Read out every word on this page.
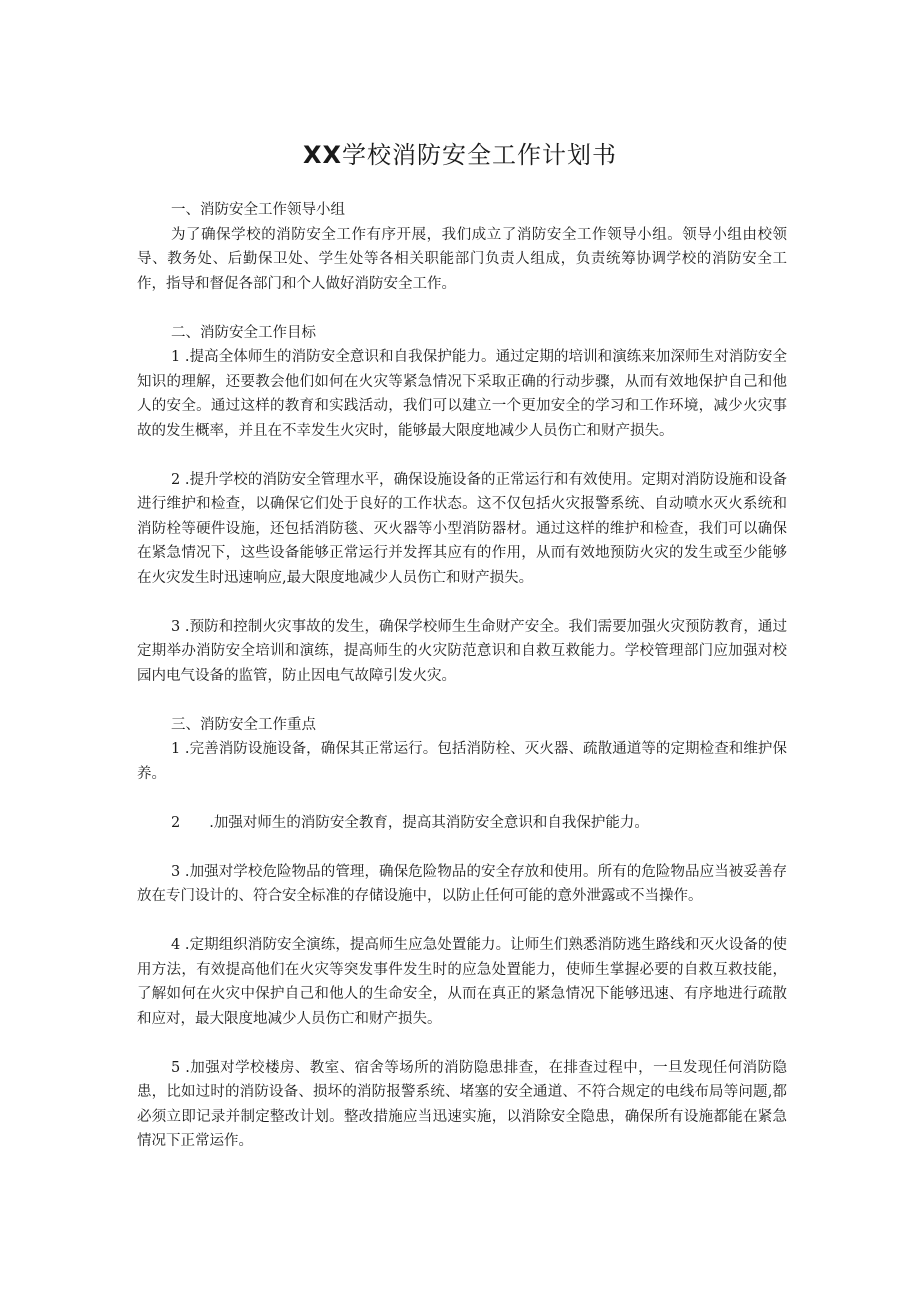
XX学校消防安全工作计划书

一、消防安全工作领导小组

为了确保学校的消防安全工作有序开展，我们成立了消防安全工作领导小组。领导小组由校领导、教务处、后勤保卫处、学生处等各相关职能部门负责人组成，负责统筹协调学校的消防安全工作，指导和督促各部门和个人做好消防安全工作。

二、消防安全工作目标

1 .提高全体师生的消防安全意识和自我保护能力。通过定期的培训和演练来加深师生对消防安全知识的理解，还要教会他们如何在火灾等紧急情况下采取正确的行动步骤，从而有效地保护自己和他人的安全。通过这样的教育和实践活动，我们可以建立一个更加安全的学习和工作环境，减少火灾事故的发生概率，并且在不幸发生火灾时，能够最大限度地减少人员伤亡和财产损失。

2 .提升学校的消防安全管理水平，确保设施设备的正常运行和有效使用。定期对消防设施和设备进行维护和检查，以确保它们处于良好的工作状态。这不仅包括火灾报警系统、自动喷水灭火系统和消防栓等硬件设施，还包括消防毯、灭火器等小型消防器材。通过这样的维护和检查，我们可以确保在紧急情况下，这些设备能够正常运行并发挥其应有的作用，从而有效地预防火灾的发生或至少能够在火灾发生时迅速响应,最大限度地减少人员伤亡和财产损失。

3 .预防和控制火灾事故的发生，确保学校师生生命财产安全。我们需要加强火灾预防教育，通过定期举办消防安全培训和演练，提高师生的火灾防范意识和自救互救能力。学校管理部门应加强对校园内电气设备的监管，防止因电气故障引发火灾。

三、消防安全工作重点

1 .完善消防设施设备，确保其正常运行。包括消防栓、灭火器、疏散通道等的定期检查和维护保养。

2　　.加强对师生的消防安全教育，提高其消防安全意识和自我保护能力。

3 .加强对学校危险物品的管理，确保危险物品的安全存放和使用。所有的危险物品应当被妥善存放在专门设计的、符合安全标准的存储设施中，以防止任何可能的意外泄露或不当操作。

4 .定期组织消防安全演练，提高师生应急处置能力。让师生们熟悉消防逃生路线和灭火设备的使用方法，有效提高他们在火灾等突发事件发生时的应急处置能力，使师生掌握必要的自救互救技能，了解如何在火灾中保护自己和他人的生命安全，从而在真正的紧急情况下能够迅速、有序地进行疏散和应对，最大限度地减少人员伤亡和财产损失。

5 .加强对学校楼房、教室、宿舍等场所的消防隐患排查，在排查过程中，一旦发现任何消防隐患，比如过时的消防设备、损坏的消防报警系统、堵塞的安全通道、不符合规定的电线布局等问题,都必须立即记录并制定整改计划。整改措施应当迅速实施，以消除安全隐患，确保所有设施都能在紧急情况下正常运作。
